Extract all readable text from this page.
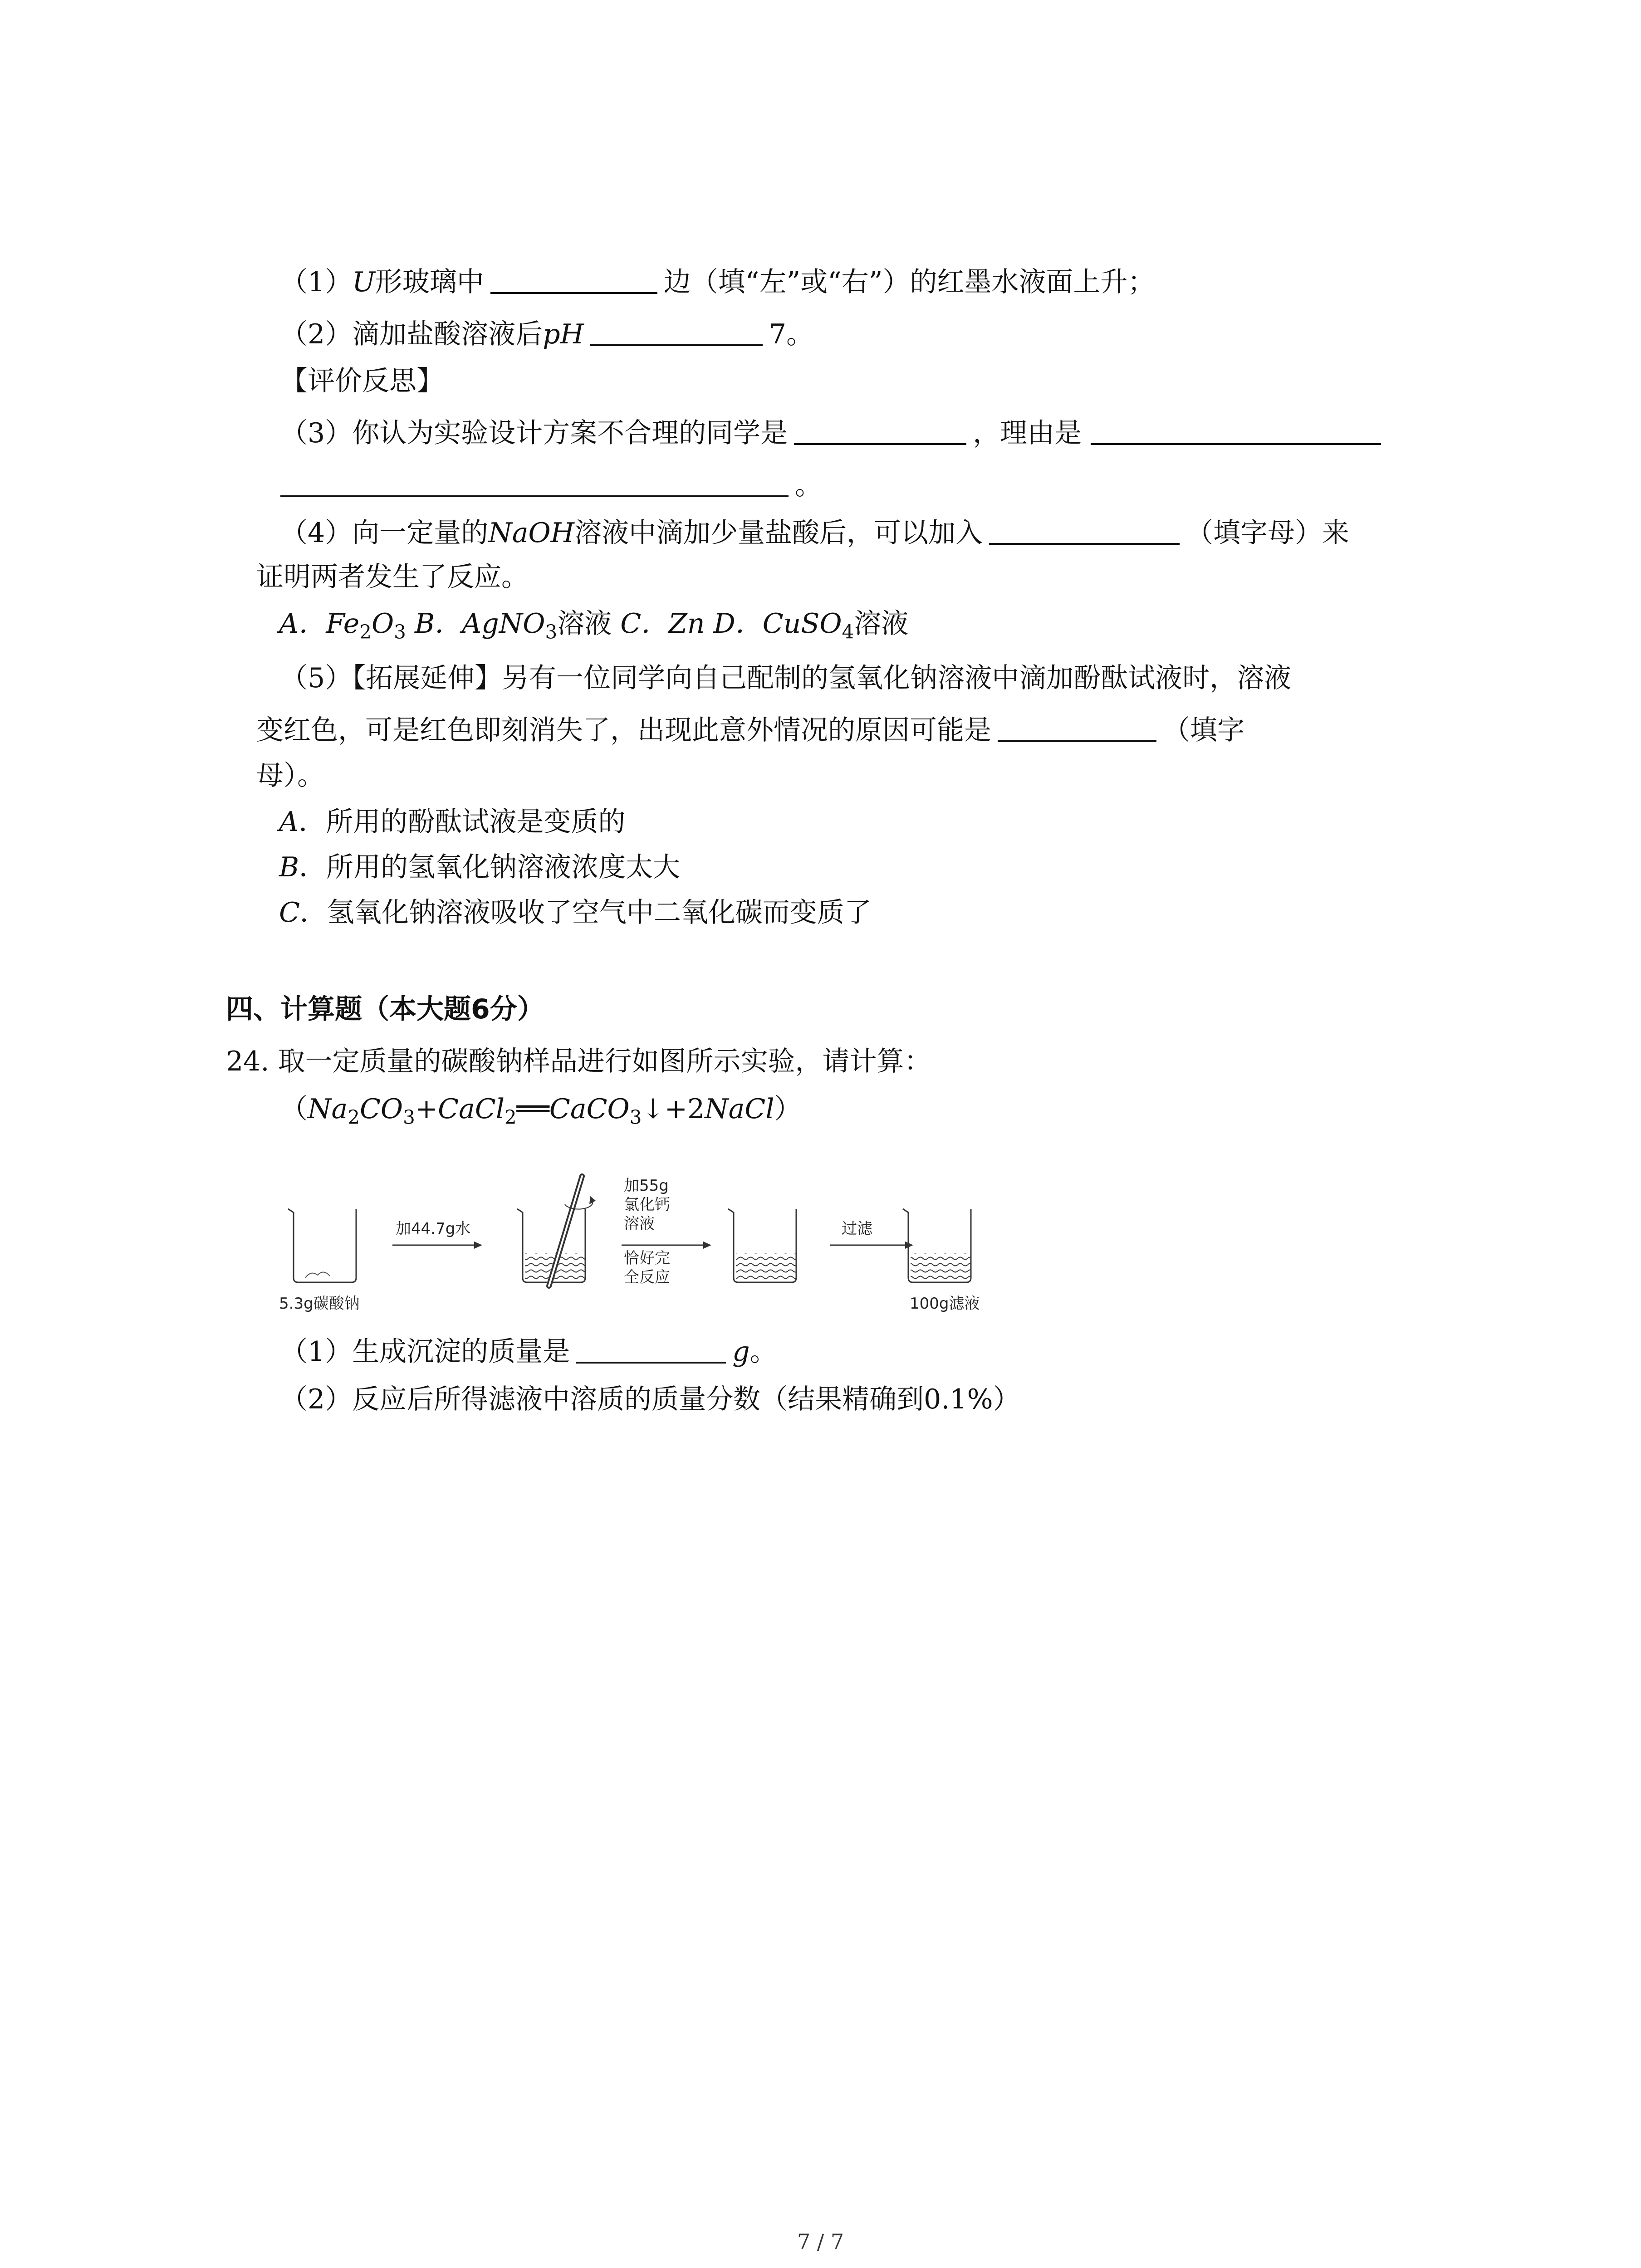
（1）U形玻璃中	边（填“左”或“右”）的红墨水液面上升；
（2）滴加盐酸溶液后pH	7。
【评价反思】
（3）你认为实验设计方案不合理的同学是	，理由是
。
（4）向一定量的NaOH溶液中滴加少量盐酸后，可以加入	（填字母）来
证明两者发生了反应。
A．$Fe_2O_3$ B．AgNO$_3$溶液 C．Zn D．CuSO$_4$溶液
（5）【拓展延伸】另有一位同学向自己配制的氢氧化钠溶液中滴加酚酞试液时，溶液
变红色，可是红色即刻消失了，出现此意外情况的原因可能是	（填字
母）。
A．所用的酚酞试液是变质的
B．所用的氢氧化钠溶液浓度太大
C．氢氧化钠溶液吸收了空气中二氧化碳而变质了
四、计算题（本大题6分）
24. 取一定质量的碳酸钠样品进行如图所示实验，请计算：
$(Na_2CO_3+CaCl_2══CaCO_3↓+2NaCl)$
5.3g碳酸钠
加44.7g水
加55g
氯化钙
溶液
恰好完
全反应
过滤
100g滤液
（1）生成沉淀的质量是	g。
（2）反应后所得滤液中溶质的质量分数（结果精确到0.1%）
7 / 7
